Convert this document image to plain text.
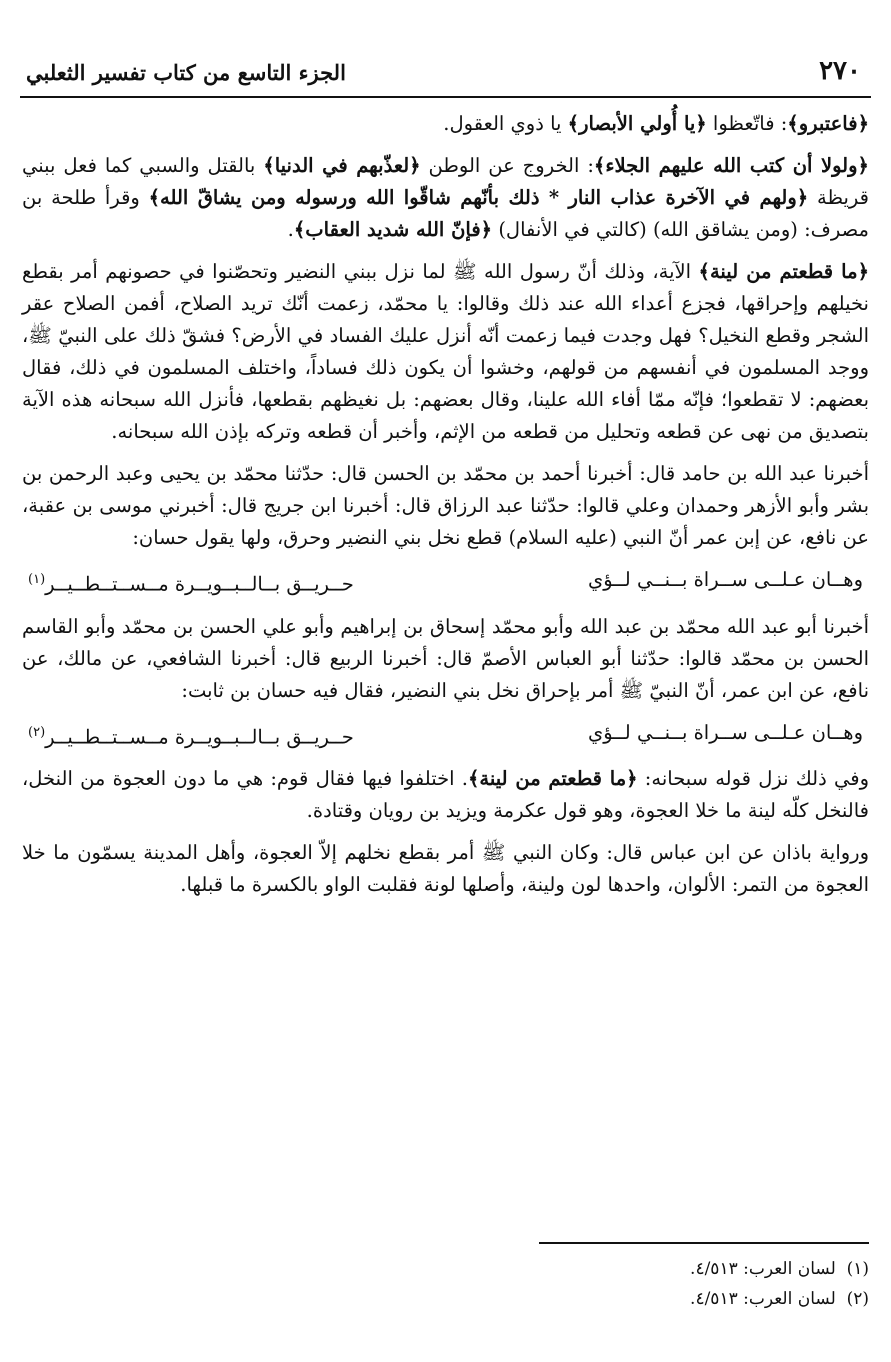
٢٧٠
الجزء التاسع من كتاب تفسير الثعلبي

﴿فاعتبرو﴾: فاتّعظوا ﴿يا أُولي الأبصار﴾ يا ذوي العقول.

﴿ولولا أن كتب الله عليهم الجلاء﴾: الخروج عن الوطن ﴿لعذّبهم في الدنيا﴾ بالقتل والسبي كما فعل ببني قريظة ﴿ولهم في الآخرة عذاب النار * ذلك بأنّهم شاقّوا الله ورسوله ومن يشاقّ الله﴾ وقرأ طلحة بن مصرف: (ومن يشاقق الله) (كالتي في الأنفال) ﴿فإنّ الله شديد العقاب﴾.

﴿ما قطعتم من لينة﴾ الآية، وذلك أنّ رسول الله ﷺ لما نزل ببني النضير وتحصّنوا في حصونهم أمر بقطع نخيلهم وإحراقها، فجزع أعداء الله عند ذلك وقالوا: يا محمّد، زعمت أنّك تريد الصلاح، أفمن الصلاح عقر الشجر وقطع النخيل؟ فهل وجدت فيما زعمت أنّه أنزل عليك الفساد في الأرض؟ فشقّ ذلك على النبيّ ﷺ، ووجد المسلمون في أنفسهم من قولهم، وخشوا أن يكون ذلك فساداً، واختلف المسلمون في ذلك، فقال بعضهم: لا تقطعوا؛ فإنّه ممّا أفاء الله علينا، وقال بعضهم: بل نغيظهم بقطعها، فأنزل الله سبحانه هذه الآية بتصديق من نهى عن قطعه وتحليل من قطعه من الإثم، وأخبر أن قطعه وتركه بإذن الله سبحانه.

أخبرنا عبد الله بن حامد قال: أخبرنا أحمد بن محمّد بن الحسن قال: حدّثنا محمّد بن يحيى وعبد الرحمن بن بشر وأبو الأزهر وحمدان وعلي قالوا: حدّثنا عبد الرزاق قال: أخبرنا ابن جريج قال: أخبرني موسى بن عقبة، عن نافع، عن إبن عمر أنّ النبي (عليه السلام) قطع نخل بني النضير وحرق، ولها يقول حسان:

وهــان عـلــى ســراة بــنــي لــؤي
حــريــق بــالــبــويــرة مــســتــطــيــر$^{(١)}$

أخبرنا أبو عبد الله محمّد بن عبد الله وأبو محمّد إسحاق بن إبراهيم وأبو علي الحسن بن محمّد وأبو القاسم الحسن بن محمّد قالوا: حدّثنا أبو العباس الأصمّ قال: أخبرنا الربيع قال: أخبرنا الشافعي، عن مالك، عن نافع، عن ابن عمر، أنّ النبيّ ﷺ أمر بإحراق نخل بني النضير، فقال فيه حسان بن ثابت:

وهــان عـلــى ســراة بــنــي لــؤي
حــريــق بــالــبــويــرة مــســتــطــيــر$^{(٢)}$

وفي ذلك نزل قوله سبحانه: ﴿ما قطعتم من لينة﴾. اختلفوا فيها فقال قوم: هي ما دون العجوة من النخل، فالنخل كلّه لينة ما خلا العجوة، وهو قول عكرمة ويزيد بن رويان وقتادة.

ورواية باذان عن ابن عباس قال: وكان النبي ﷺ أمر بقطع نخلهم إلاّ العجوة، وأهل المدينة يسمّون ما خلا العجوة من التمر: الألوان، واحدها لون ولينة، وأصلها لونة فقلبت الواو بالكسرة ما قبلها.

(١)  لسان العرب: ٤/٥١٣.
(٢)  لسان العرب: ٤/٥١٣.
